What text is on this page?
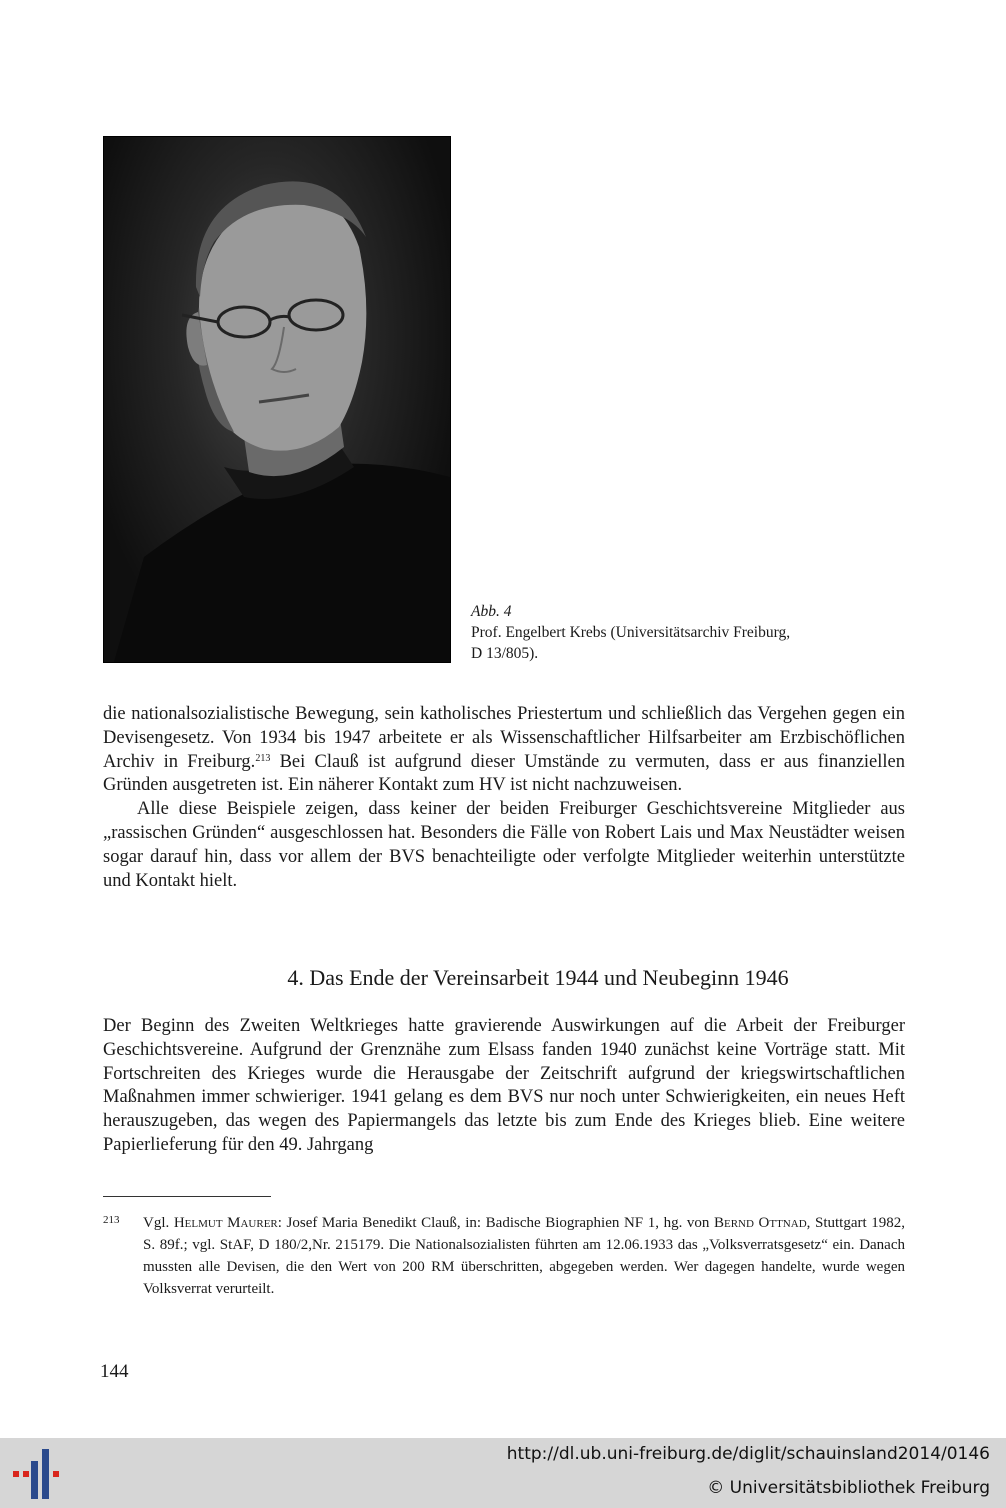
Abb. 4
Prof. Engelbert Krebs (Universitätsarchiv Freiburg,
D 13/805).

die nationalsozialistische Bewegung, sein katholisches Priestertum und schließlich das Vergehen gegen ein Devisengesetz. Von 1934 bis 1947 arbeitete er als Wissenschaftlicher Hilfsarbeiter am Erzbischöflichen Archiv in Freiburg.$^{213}$ Bei Clauß ist aufgrund dieser Umstände zu vermuten, dass er aus finanziellen Gründen ausgetreten ist. Ein näherer Kontakt zum HV ist nicht nachzuweisen.

Alle diese Beispiele zeigen, dass keiner der beiden Freiburger Geschichtsvereine Mitglieder aus „rassischen Gründen“ ausgeschlossen hat. Besonders die Fälle von Robert Lais und Max Neustädter weisen sogar darauf hin, dass vor allem der BVS benachteiligte oder verfolgte Mitglieder weiterhin unterstützte und Kontakt hielt.

4. Das Ende der Vereinsarbeit 1944 und Neubeginn 1946

Der Beginn des Zweiten Weltkrieges hatte gravierende Auswirkungen auf die Arbeit der Freiburger Geschichtsvereine. Aufgrund der Grenznähe zum Elsass fanden 1940 zunächst keine Vorträge statt. Mit Fortschreiten des Krieges wurde die Herausgabe der Zeitschrift aufgrund der kriegswirtschaftlichen Maßnahmen immer schwieriger. 1941 gelang es dem BVS nur noch unter Schwierigkeiten, ein neues Heft herauszugeben, das wegen des Papiermangels das letzte bis zum Ende des Krieges blieb. Eine weitere Papierlieferung für den 49. Jahrgang

213 Vgl. Helmut Maurer: Josef Maria Benedikt Clauß, in: Badische Biographien NF 1, hg. von Bernd Ottnad, Stuttgart 1982, S. 89f.; vgl. StAF, D 180/2,Nr. 215179. Die Nationalsozialisten führten am 12.06.1933 das „Volksverratsgesetz“ ein. Danach mussten alle Devisen, die den Wert von 200 RM überschritten, abgegeben werden. Wer dagegen handelte, wurde wegen Volksverrat verurteilt.
144
http://dl.ub.uni-freiburg.de/diglit/schauinsland2014/0146
© Universitätsbibliothek Freiburg
